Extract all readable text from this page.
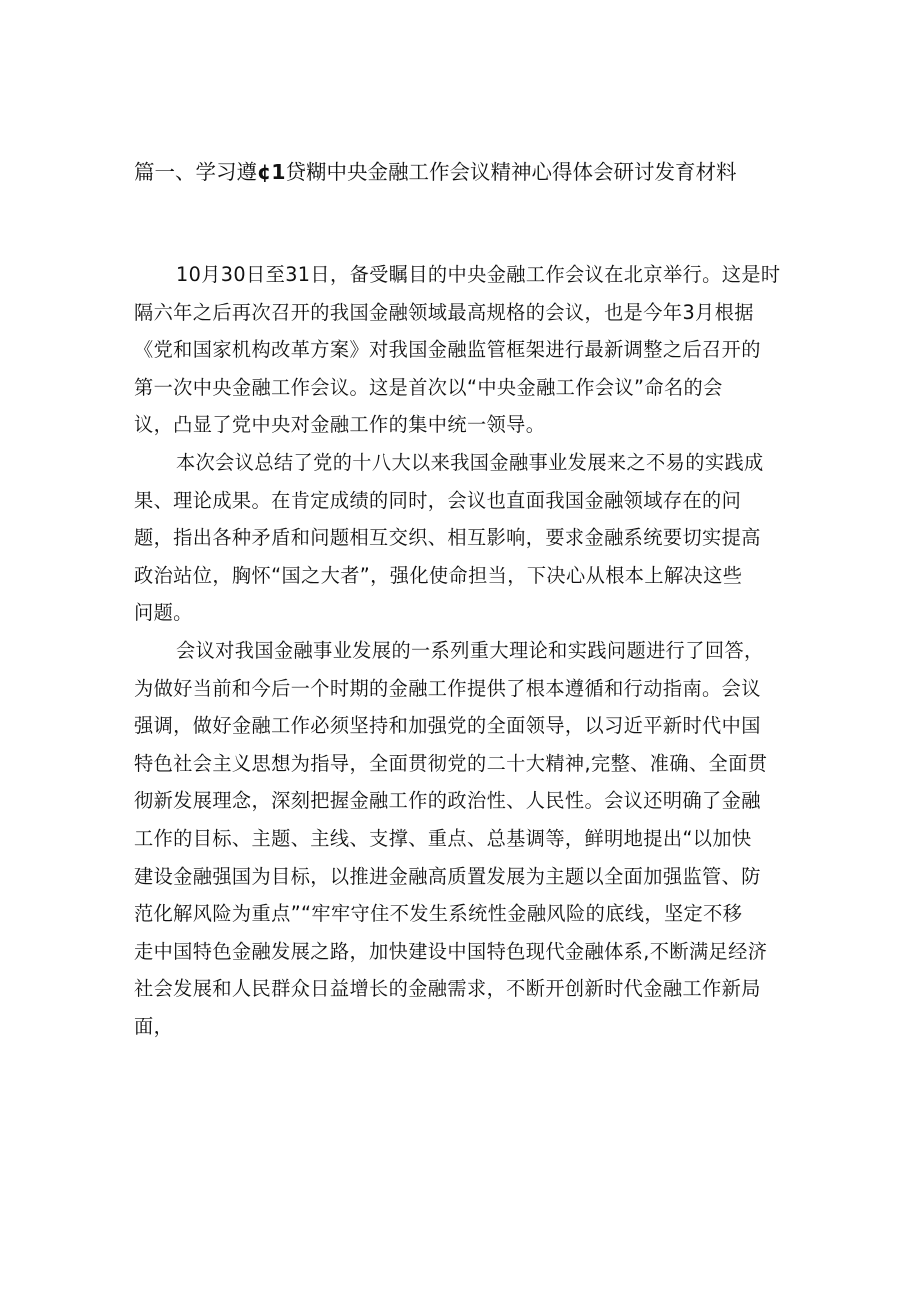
篇一、学习遵¢1贷糊中央金融工作会议精神心得体会研讨发育材料
10月30日至31日，备受瞩目的中央金融工作会议在北京举行。这是时
隔六年之后再次召开的我国金融领域最高规格的会议，也是今年3月根据
《党和国家机构改革方案》对我国金融监管框架进行最新调整之后召开的
第一次中央金融工作会议。这是首次以“中央金融工作会议”命名的会
议，凸显了党中央对金融工作的集中统一领导。
本次会议总结了党的十八大以来我国金融事业发展来之不易的实践成
果、理论成果。在肯定成绩的同时，会议也直面我国金融领域存在的问
题，指出各种矛盾和问题相互交织、相互影响，要求金融系统要切实提高
政治站位，胸怀“国之大者”，强化使命担当，下决心从根本上解决这些
问题。
会议对我国金融事业发展的一系列重大理论和实践问题进行了回答，
为做好当前和今后一个时期的金融工作提供了根本遵循和行动指南。会议
强调，做好金融工作必须坚持和加强党的全面领导，以习近平新时代中国
特色社会主义思想为指导，全面贯彻党的二十大精神,完整、准确、全面贯
彻新发展理念，深刻把握金融工作的政治性、人民性。会议还明确了金融
工作的目标、主题、主线、支撑、重点、总基调等，鲜明地提出“以加快
建设金融强国为目标，以推进金融高质置发展为主题以全面加强监管、防
范化解风险为重点”“牢牢守住不发生系统性金融风险的底线，坚定不移
走中国特色金融发展之路，加快建设中国特色现代金融体系,不断满足经济
社会发展和人民群众日益增长的金融需求，不断开创新时代金融工作新局
面，
